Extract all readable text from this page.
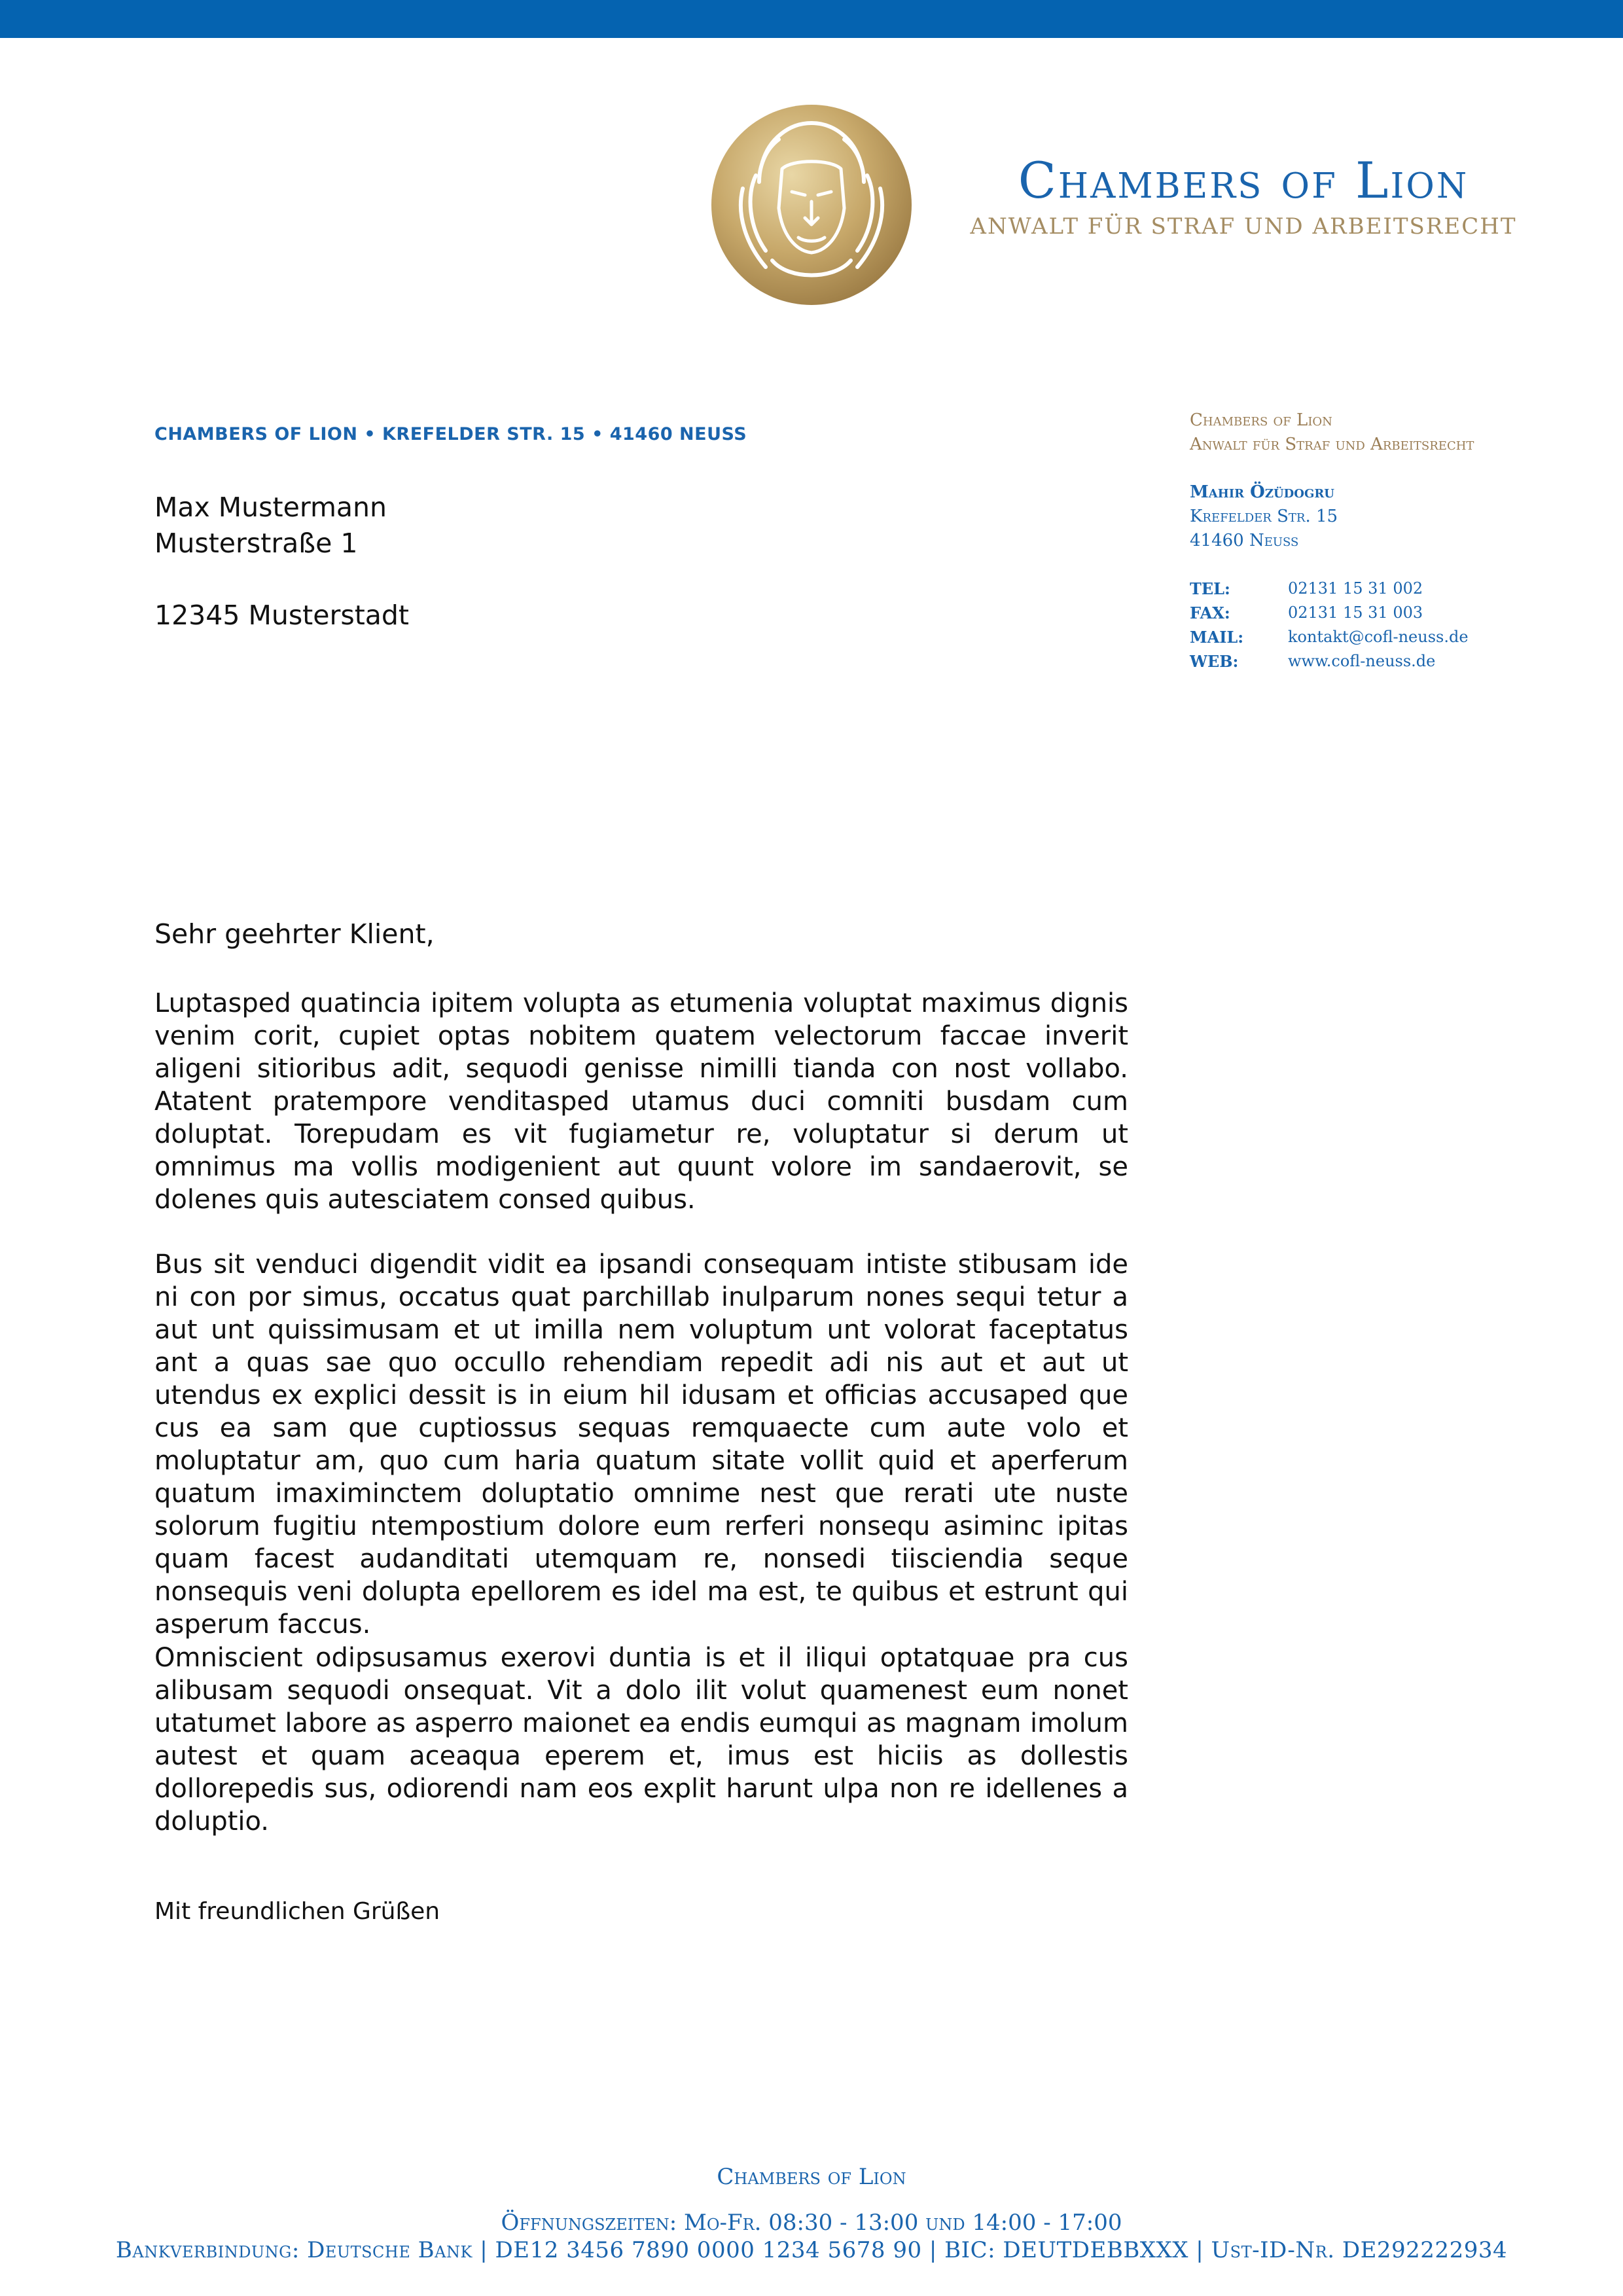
Chambers of Lion
ANWALT FÜR STRAF UND ARBEITSRECHT
CHAMBERS OF LION • KREFELDER STR. 15 • 41460 NEUSS
Max Mustermann
Musterstraße 1
12345 Musterstadt
Chambers of Lion
Anwalt für Straf und Arbeitsrecht
Mahir Özüdogru
Krefelder Str. 15
41460 Neuss
TEL:	02131 15 31 002
FAX:	02131 15 31 003
MAIL:	kontakt@cofl-neuss.de
WEB:	www.cofl-neuss.de
Sehr geehrter Klient,
Luptasped quatincia ipitem volupta as etumenia voluptat maximus dignis venim corit, cupiet optas nobitem quatem velectorum faccae inverit aligeni sitioribus adit, sequodi genisse nimilli tianda con nost vollabo. Atatent pratempore venditasped utamus duci comniti busdam cum doluptat. Torepudam es vit fugiametur re, voluptatur si derum ut omnimus ma vollis modigenient aut quunt volore im sandaerovit, se dolenes quis autesciatem consed quibus.
Bus sit venduci digendit vidit ea ipsandi consequam intiste stibusam ide ni con por simus, occatus quat parchillab inulparum nones sequi tetur a aut unt quissimusam et ut imilla nem voluptum unt volorat faceptatus ant a quas sae quo occullo rehendiam repedit adi nis aut et aut ut utendus ex explici dessit is in eium hil idusam et officias accusaped que cus ea sam que cuptiossus sequas remquaecte cum aute volo et moluptatur am, quo cum haria quatum sitate vollit quid et aperferum quatum imaximinctem doluptatio omnime nest que rerati ute nuste solorum fugitiu ntempostium dolore eum rerferi nonsequ asiminc ipitas quam facest audanditati utemquam re, nonsedi tiisciendia seque nonsequis veni dolupta epellorem es idel ma est, te quibus et estrunt qui asperum faccus.
Omniscient odipsusamus exerovi duntia is et il iliqui optatquae pra cus alibusam sequodi onsequat. Vit a dolo ilit volut quamenest eum nonet utatumet labore as asperro maionet ea endis eumqui as magnam imolum autest et quam aceaqua eperem et, imus est hiciis as dollestis dollorepedis sus, odiorendi nam eos explit harunt ulpa non re idellenes a doluptio.
Mit freundlichen Grüßen
Chambers of Lion
Öffnungszeiten: Mo-Fr. 08:30 - 13:00 und 14:00 - 17:00
Bankverbindung: Deutsche Bank | DE12 3456 7890 0000 1234 5678 90 | BIC: DEUTDEBBXXX | Ust-ID-Nr. DE292222934
